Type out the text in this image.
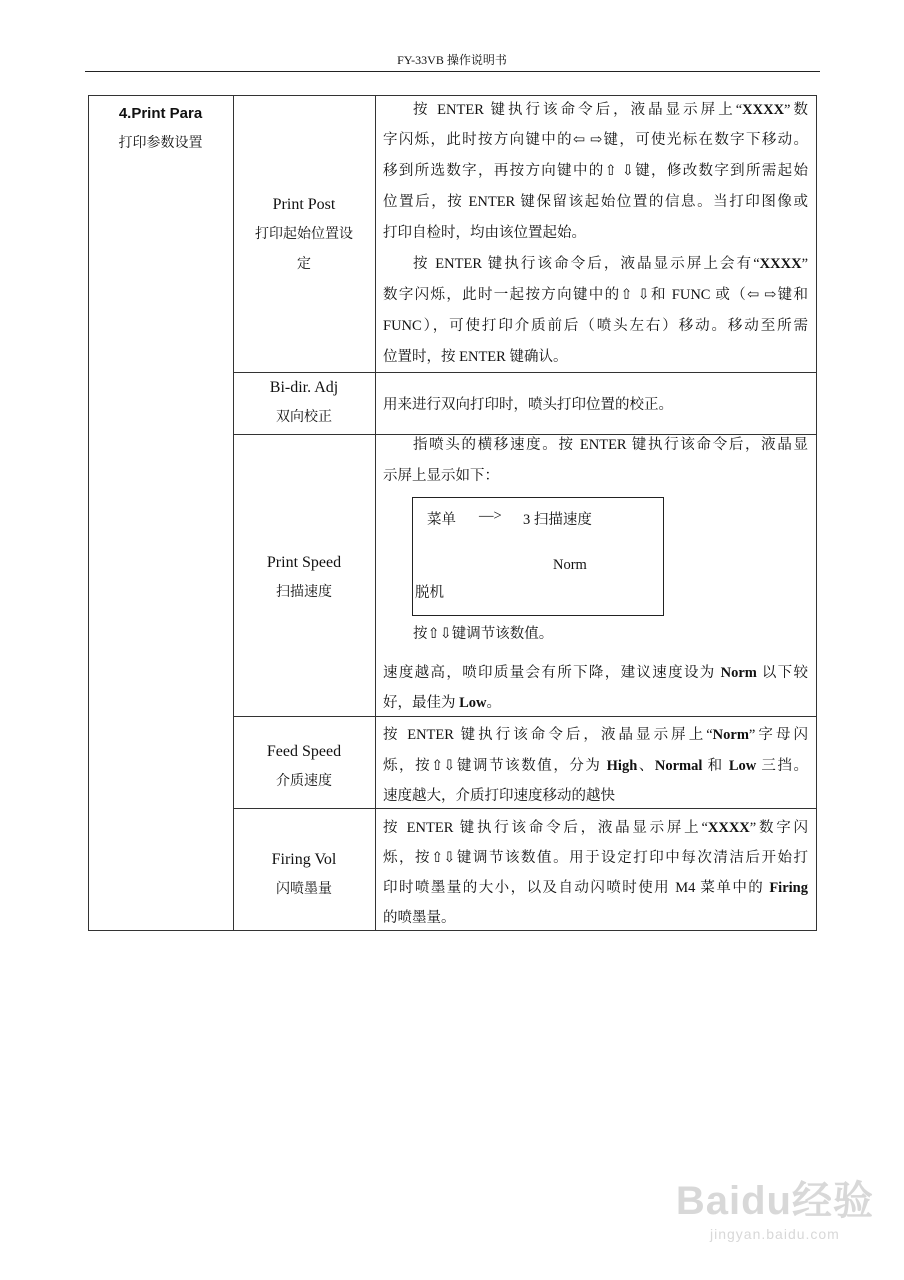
FY-33VB 操作说明书
4.Print Para
打印参数设置
菜单 —> 3 扫描速度
Norm
脱机
Print Post
打印起始位置设
定
按 ENTER 键执行该命令后，液晶显示屏上“XXXX”数
字闪烁，此时按方向键中的⇦ ⇨键，可使光标在数字下移动。
移到所选数字，再按方向键中的⇧ ⇩键，修改数字到所需起始
位置后，按 ENTER 键保留该起始位置的信息。当打印图像或
打印自检时，均由该位置起始。
按 ENTER 键执行该命令后，液晶显示屏上会有“XXXX”
数字闪烁，此时一起按方向键中的⇧ ⇩和 FUNC 或（⇦ ⇨键和
FUNC），可使打印介质前后（喷头左右）移动。移动至所需
位置时，按 ENTER 键确认。
Bi-dir. Adj
双向校正
用来进行双向打印时，喷头打印位置的校正。
Print Speed
扫描速度
指喷头的横移速度。按 ENTER 键执行该命令后，液晶显
示屏上显示如下：
按⇧⇩键调节该数值。
速度越高，喷印质量会有所下降，建议速度设为 Norm 以下较
好，最佳为 Low。
Feed Speed
介质速度
按 ENTER 键执行该命令后，液晶显示屏上“Norm”字母闪
烁，按⇧⇩键调节该数值，分为 High、Normal 和 Low 三挡。
速度越大，介质打印速度移动的越快
Firing Vol
闪喷墨量
按 ENTER 键执行该命令后，液晶显示屏上“XXXX”数字闪
烁，按⇧⇩键调节该数值。用于设定打印中每次清洁后开始打
印时喷墨量的大小，以及自动闪喷时使用 M4 菜单中的 Firing
的喷墨量。
Baidu经验
jingyan.baidu.com
